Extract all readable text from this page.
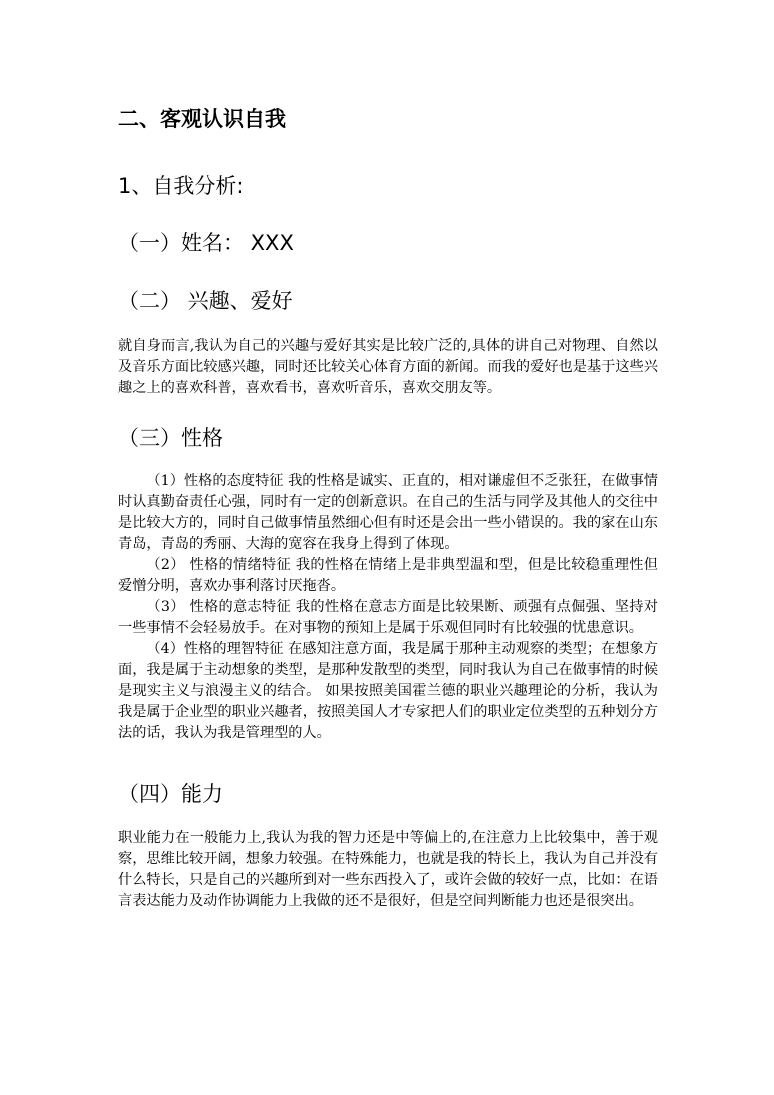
二、客观认识自我
1、自我分析:
（一）姓名： XXX
（二） 兴趣、爱好

就自身而言,我认为自己的兴趣与爱好其实是比较广泛的,具体的讲自己对物理、自然以及音乐方面比较感兴趣，同时还比较关心体育方面的新闻。而我的爱好也是基于这些兴趣之上的喜欢科普，喜欢看书，喜欢听音乐，喜欢交朋友等。

（三）性格

（1）性格的态度特征 我的性格是诚实、正直的，相对谦虚但不乏张狂，在做事情时认真勤奋责任心强，同时有一定的创新意识。在自己的生活与同学及其他人的交往中是比较大方的，同时自己做事情虽然细心但有时还是会出一些小错误的。我的家在山东青岛，青岛的秀丽、大海的宽容在我身上得到了体现。

（2） 性格的情绪特征 我的性格在情绪上是非典型温和型，但是比较稳重理性但爱憎分明，喜欢办事利落讨厌拖沓。

（3） 性格的意志特征 我的性格在意志方面是比较果断、顽强有点倔强、坚持对一些事情不会轻易放手。在对事物的预知上是属于乐观但同时有比较强的忧患意识。

（4）性格的理智特征 在感知注意方面，我是属于那种主动观察的类型；在想象方面，我是属于主动想象的类型，是那种发散型的类型，同时我认为自己在做事情的时候是现实主义与浪漫主义的结合。 如果按照美国霍兰德的职业兴趣理论的分析，我认为我是属于企业型的职业兴趣者，按照美国人才专家把人们的职业定位类型的五种划分方法的话，我认为我是管理型的人。

（四）能力

职业能力在一般能力上,我认为我的智力还是中等偏上的,在注意力上比较集中，善于观察，思维比较开阔，想象力较强。在特殊能力，也就是我的特长上，我认为自己并没有什么特长，只是自己的兴趣所到对一些东西投入了，或许会做的较好一点，比如：在语言表达能力及动作协调能力上我做的还不是很好，但是空间判断能力也还是很突出。
